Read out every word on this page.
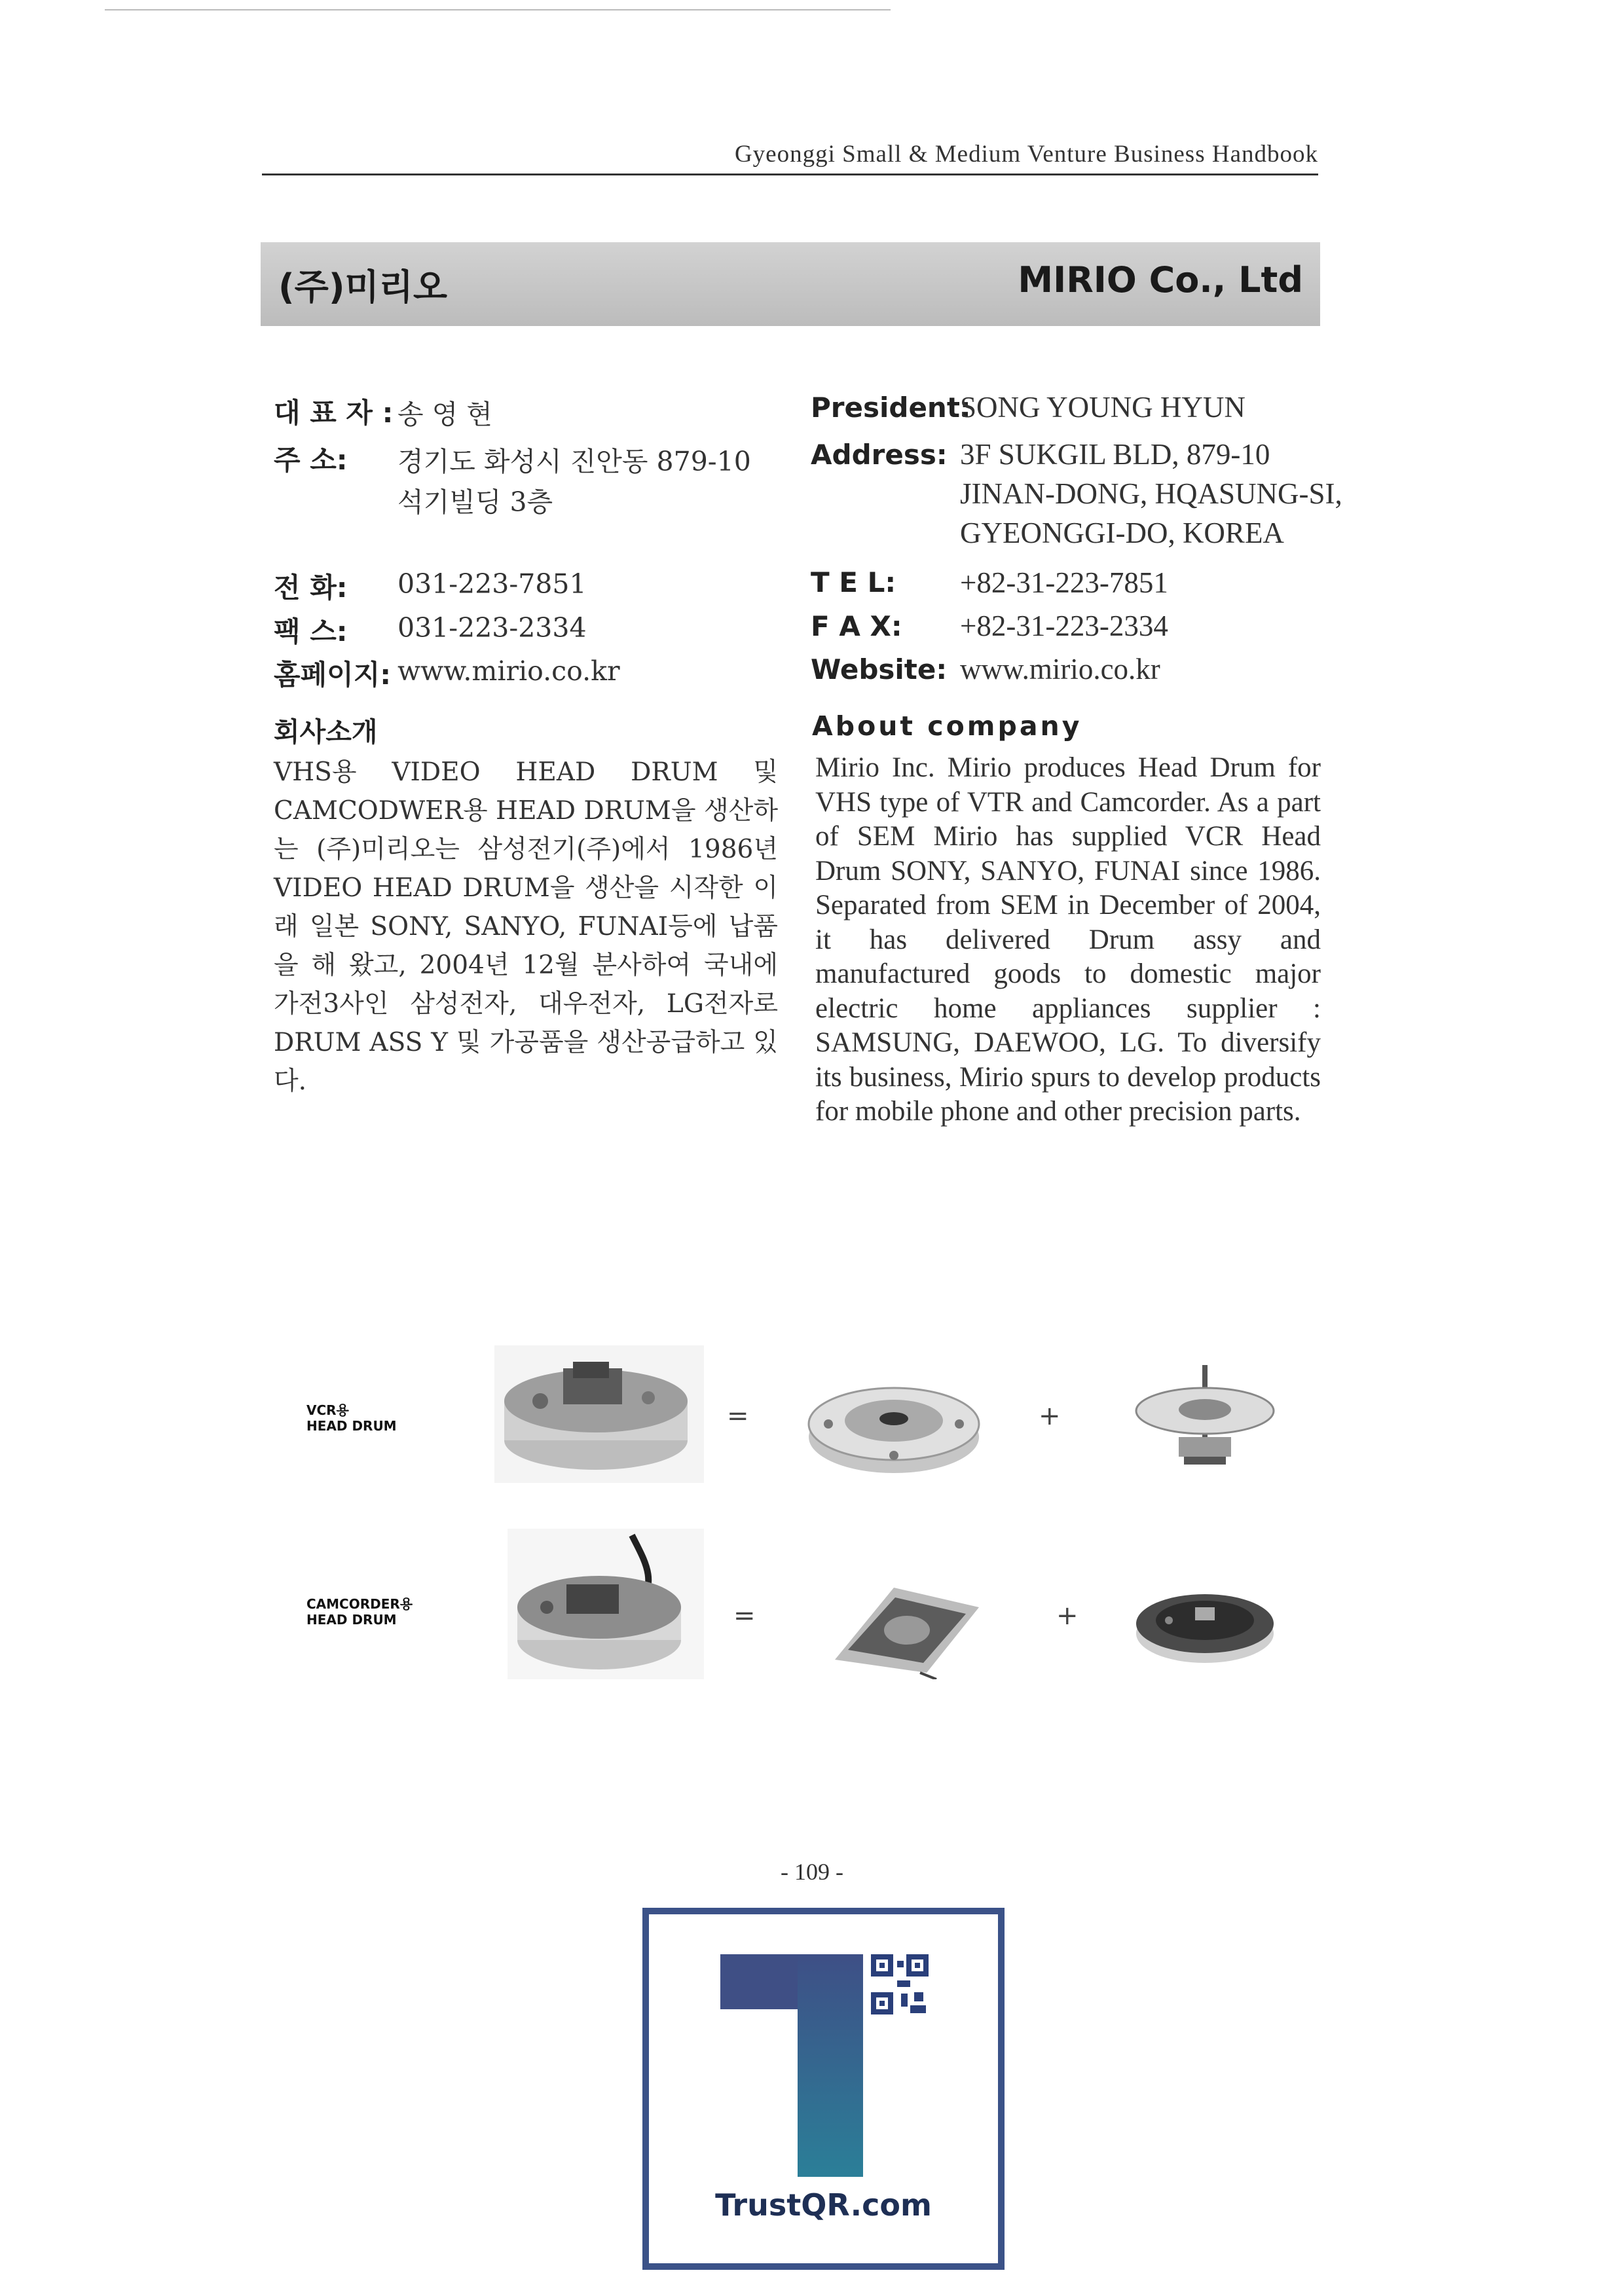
Gyeonggi Small & Medium Venture Business Handbook
(주)미리오	MIRIO Co., Ltd
대 표 자 : 송 영 현
주 소:	경기도 화성시 진안동 879-10
석기빌딩 3층
전 화: 031-223-7851
팩 스: 031-223-2334
홈페이지: www.mirio.co.kr
President:
SONG YOUNG HYUN
Address: 3F SUKGIL BLD, 879-10
JINAN-DONG, HQASUNG-SI,
GYEONGGI-DO, KOREA
T E L: +82-31-223-7851
F A X: +82-31-223-2334
Website: www.mirio.co.kr
회사소개	About company
VHS용 VIDEO HEAD DRUM 및 CAMCODWER용 HEAD DRUM을 생산하는 (주)미리오는 삼성전기(주)에서 1986년 VIDEO HEAD DRUM을 생산을 시작한 이래 일본 SONY, SANYO, FUNAI등에 납품을 해 왔고, 2004년 12월 분사하여 국내에 가전3사인 삼성전자, 대우전자, LG전자로 DRUM ASS Y 및 가공품을 생산공급하고 있다.
Mirio Inc. Mirio produces Head Drum for VHS type of VTR and Camcorder. As a part of SEM Mirio has supplied VCR Head Drum SONY, SANYO, FUNAI since 1986. Separated from SEM in December of 2004, it has delivered Drum assy and manufactured goods to domestic major electric home appliances supplier : SAMSUNG, DAEWOO, LG. To diversify its business, Mirio spurs to develop products for mobile phone and other precision parts.
VCR용
HEAD DRUM
CAMCORDER용
HEAD DRUM
=	+
=	+
- 109 -
TrustQR.com
